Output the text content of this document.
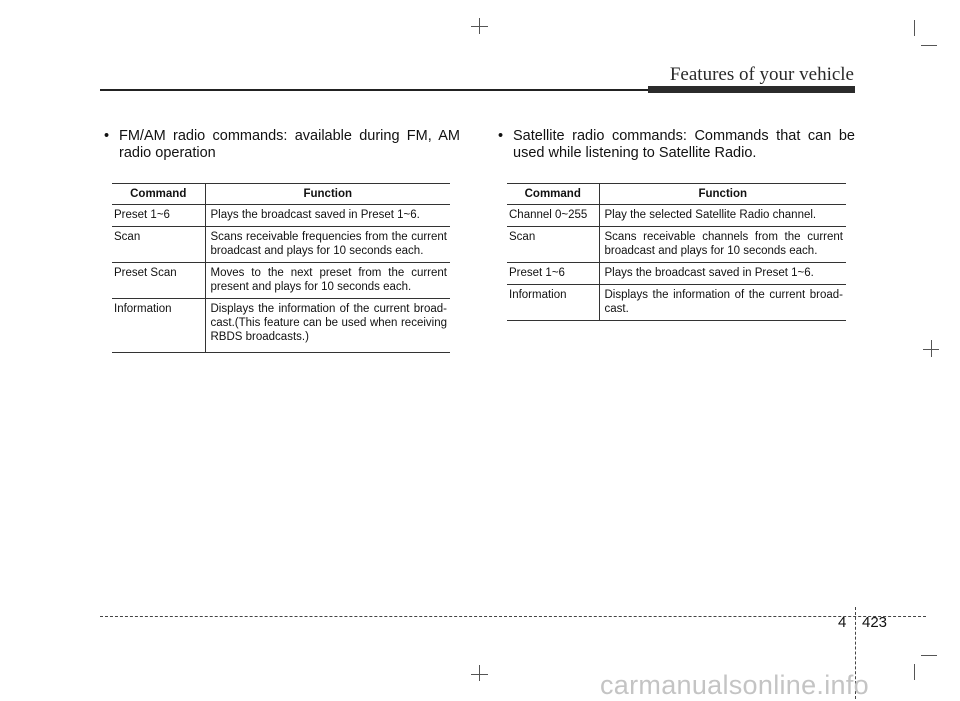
Features of your vehicle
• FM/AM radio commands: available during FM, AM radio operation
Command	Function
Preset 1~6	Plays the broadcast saved in Preset 1~6.
Scan	Scans receivable frequencies from the current broadcast and plays for 10 seconds each.
Preset Scan	Moves to the next preset from the current present and plays for 10 seconds each.
Information	Displays the information of the current broad-cast.(This feature can be used when receiving RBDS broadcasts.)

• Satellite radio commands: Commands that can be used while listening to Satellite Radio.
Command	Function
Channel 0~255	Play the selected Satellite Radio channel.
Scan	Scans receivable channels from the current broadcast and plays for 10 seconds each.
Preset 1~6	Plays the broadcast saved in Preset 1~6.
Information	Displays the information of the current broad-cast.
4 423
carmanualsonline.info
